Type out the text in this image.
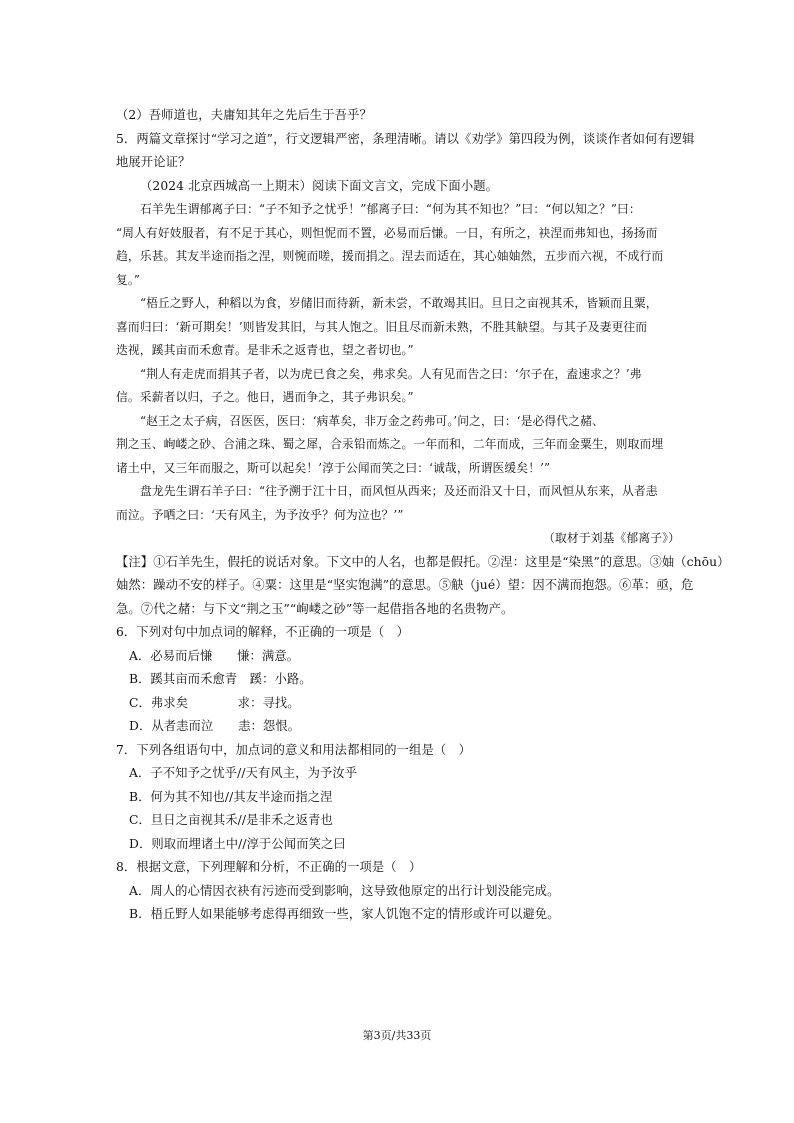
（2）吾师道也，夫庸知其年之先后生于吾乎？
5．两篇文章探讨“学习之道”，行文逻辑严密，条理清晰。请以《劝学》第四段为例，谈谈作者如何有逻辑
地展开论证？
（2024 北京西城高一上期末）阅读下面文言文，完成下面小题。
石羊先生谓郁离子曰：“子不知予之忧乎！”郁离子曰：“何为其不知也？”曰：“何以知之？”曰：
“周人有好妓服者，有不足于其心，则怛怩而不置，必易而后慊。一日，有所之，袂涅而弗知也，扬扬而
趋，乐甚。其友半途而指之涅，则惋而嗟，援而捐之。涅去而适在，其心妯妯然，五步而六视，不成行而
复。”
“梧丘之野人，种稻以为食，岁储旧而待新，新未尝，不敢竭其旧。旦日之亩视其禾，皆颖而且粟，
喜而归曰：‘新可期矣！’则皆发其旧，与其人饱之。旧且尽而新未熟，不胜其觖望。与其子及妻更往而
迭视，蹊其亩而禾愈青。是非禾之返青也，望之者切也。”
“荆人有走虎而捐其子者，以为虎已食之矣，弗求矣。人有见而告之曰：‘尔子在，盍速求之？’弗
信。采薪者以归，子之。他日，遇而争之，其子弗识矣。”
“赵王之太子病，召医医，医曰：‘病革矣，非万金之药弗可。’问之，曰：‘是必得代之赭、
荆之玉、峋嵝之砂、合浦之珠、蜀之犀，合汞铅而炼之。一年而和，二年而成，三年而金粟生，则取而埋
诸土中，又三年而服之，斯可以起矣！’淳于公闻而笑之曰：‘诚哉，所谓医缓矣！’”
盘龙先生谓石羊子曰：“往予溯于江十日，而风恒从西来；及还而沿又十日，而风恒从东来，从者恚
而泣。予哂之曰：‘天有风主，为予汝乎？何为泣也？’”
（取材于刘基《郁离子》）
【注】①石羊先生，假托的说话对象。下文中的人名，也都是假托。②涅：这里是“染黑”的意思。③妯（chōu）
妯然：躁动不安的样子。④粟：这里是“坚实饱满”的意思。⑤觖（jué）望：因不满而抱怨。⑥革：亟，危
急。⑦代之赭：与下文“荆之玉”“峋嵝之砂”等一起借指各地的名贵物产。
6．下列对句中加点词的解释，不正确的一项是（　）
A．必易而后慊　　慊：满意。
B．蹊其亩而禾愈青　蹊：小路。
C．弗求矣　　　　求：寻找。
D．从者恚而泣　　恚：怨恨。
7．下列各组语句中，加点词的意义和用法都相同的一组是（　）
A．子不知予之忧乎//天有风主，为予汝乎
B．何为其不知也//其友半途而指之涅
C．旦日之亩视其禾//是非禾之返青也
D．则取而埋诸土中//淳于公闻而笑之曰
8．根据文意，下列理解和分析，不正确的一项是（　）
A．周人的心情因衣袂有污迹而受到影响，这导致他原定的出行计划没能完成。
B．梧丘野人如果能够考虑得再细致一些，家人饥饱不定的情形或许可以避免。
第3页/共33页
